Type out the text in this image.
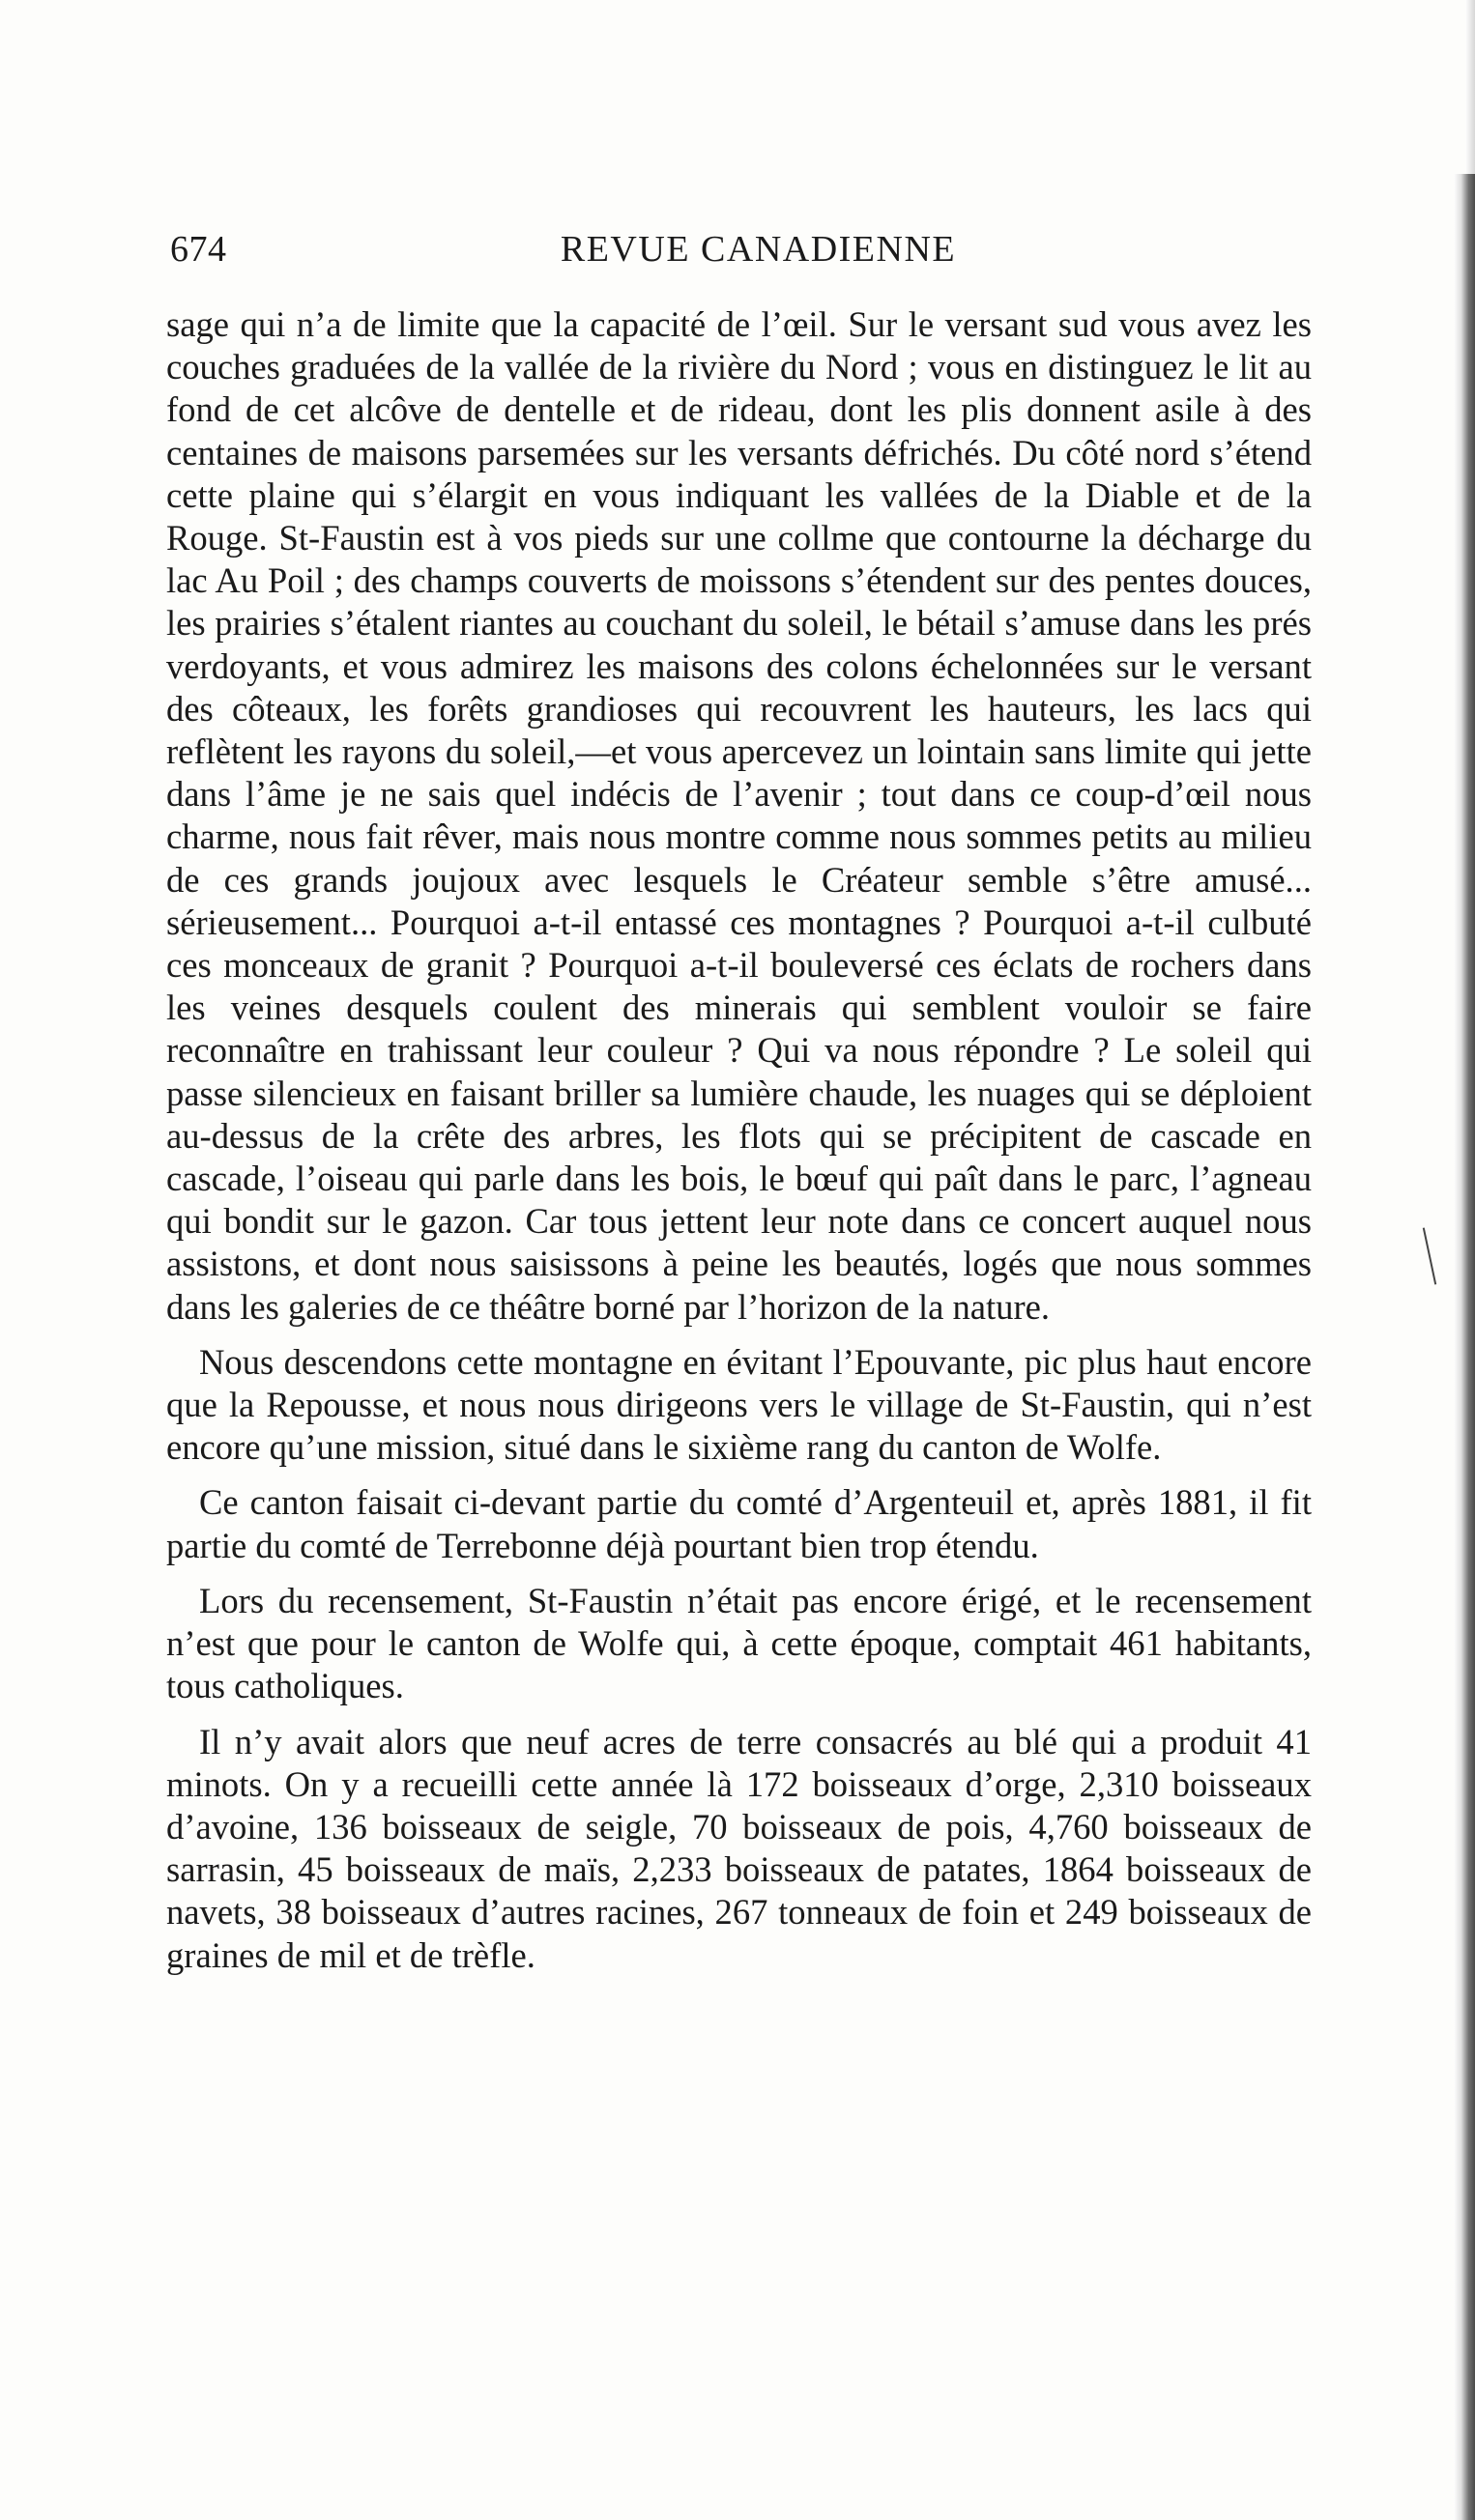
674	REVUE CANADIENNE

sage qui n’a de limite que la capacité de l’œil. Sur le versant sud vous avez les couches graduées de la vallée de la rivière du Nord ; vous en distinguez le lit au fond de cet alcôve de dentelle et de rideau, dont les plis donnent asile à des centaines de maisons parsemées sur les versants défrichés. Du côté nord s’étend cette plaine qui s’élargit en vous indiquant les vallées de la Diable et de la Rouge. St-Faustin est à vos pieds sur une collme que contourne la décharge du lac Au Poil ; des champs couverts de moissons s’étendent sur des pentes douces, les prairies s’étalent riantes au couchant du soleil, le bétail s’amuse dans les prés verdoyants, et vous admirez les maisons des colons échelonnées sur le versant des côteaux, les forêts grandioses qui recouvrent les hauteurs, les lacs qui reflètent les rayons du soleil,—et vous apercevez un lointain sans limite qui jette dans l’âme je ne sais quel indécis de l’avenir ; tout dans ce coup-d’œil nous charme, nous fait rêver, mais nous montre comme nous sommes petits au milieu de ces grands joujoux avec lesquels le Créateur semble s’être amusé... sérieusement... Pourquoi a-t-il entassé ces montagnes ? Pourquoi a-t-il culbuté ces monceaux de granit ? Pourquoi a-t-il bouleversé ces éclats de rochers dans les veines desquels coulent des minerais qui semblent vouloir se faire reconnaître en trahissant leur couleur ? Qui va nous répondre ? Le soleil qui passe silencieux en faisant briller sa lumière chaude, les nuages qui se déploient au-dessus de la crête des arbres, les flots qui se précipitent de cascade en cascade, l’oiseau qui parle dans les bois, le bœuf qui paît dans le parc, l’agneau qui bondit sur le gazon. Car tous jettent leur note dans ce concert auquel nous assistons, et dont nous saisissons à peine les beautés, logés que nous sommes dans les galeries de ce théâtre borné par l’horizon de la nature.

Nous descendons cette montagne en évitant l’Epouvante, pic plus haut encore que la Repousse, et nous nous dirigeons vers le village de St-Faustin, qui n’est encore qu’une mission, situé dans le sixième rang du canton de Wolfe.

Ce canton faisait ci-devant partie du comté d’Argenteuil et, après 1881, il fit partie du comté de Terrebonne déjà pourtant bien trop étendu.

Lors du recensement, St-Faustin n’était pas encore érigé, et le recensement n’est que pour le canton de Wolfe qui, à cette époque, comptait 461 habitants, tous catholiques.

Il n’y avait alors que neuf acres de terre consacrés au blé qui a produit 41 minots. On y a recueilli cette année là 172 boisseaux d’orge, 2,310 boisseaux d’avoine, 136 boisseaux de seigle, 70 boisseaux de pois, 4,760 boisseaux de sarrasin, 45 boisseaux de maïs, 2,233 boisseaux de patates, 1864 boisseaux de navets, 38 boisseaux d’autres racines, 267 tonneaux de foin et 249 boisseaux de graines de mil et de trèfle.
